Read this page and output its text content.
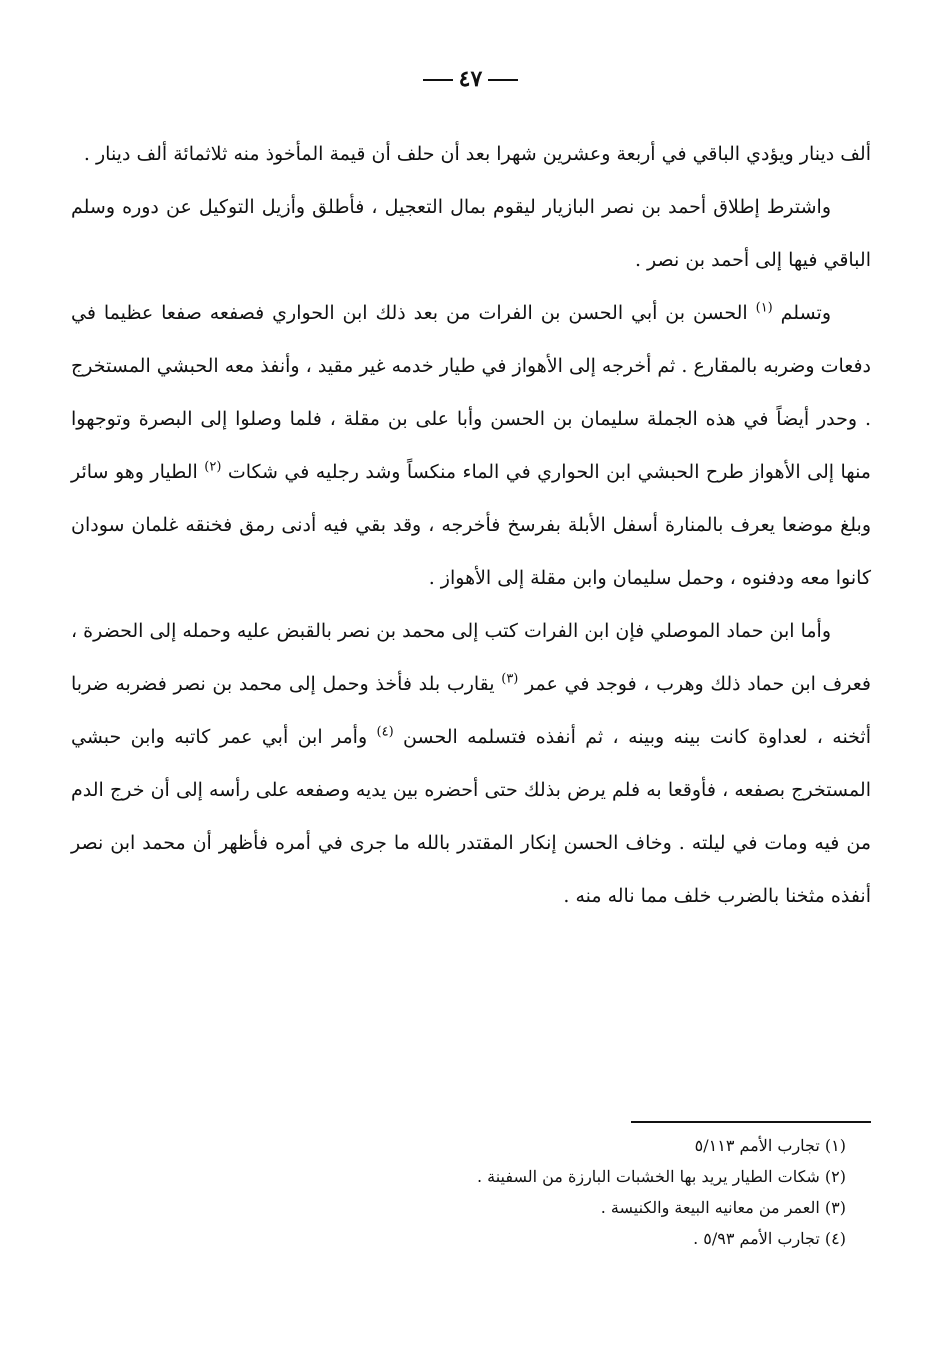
٤٧

ألف دينار ويؤدي الباقي في أربعة وعشرين شهرا بعد أن حلف أن قيمة المأخوذ منه ثلاثمائة ألف دينار .

واشترط إطلاق أحمد بن نصر البازيار ليقوم بمال التعجيل ، فأطلق وأزيل التوكيل عن دوره وسلم الباقي فيها إلى أحمد بن نصر .

وتسلم $^{(١)}$ الحسن بن أبي الحسن بن الفرات من بعد ذلك ابن الحواري فصفعه صفعا عظيما في دفعات وضربه بالمقارع . ثم أخرجه إلى الأهواز في طيار خدمه غير مقيد ، وأنفذ معه الحبشي المستخرج . وحدر أيضاً في هذه الجملة سليمان بن الحسن وأبا على بن مقلة ، فلما وصلوا إلى البصرة وتوجهوا منها إلى الأهواز طرح الحبشي ابن الحواري في الماء منكساً وشد رجليه في شكات $^{(٢)}$ الطيار وهو سائر وبلغ موضعا يعرف بالمنارة أسفل الأبلة بفرسخ فأخرجه ، وقد بقي فيه أدنى رمق فخنقه غلمان سودان كانوا معه ودفنوه ، وحمل سليمان وابن مقلة إلى الأهواز .

وأما ابن حماد الموصلي فإن ابن الفرات كتب إلى محمد بن نصر بالقبض عليه وحمله إلى الحضرة ، فعرف ابن حماد ذلك وهرب ، فوجد في عمر $^{(٣)}$ يقارب بلد فأخذ وحمل إلى محمد بن نصر فضربه ضربا أثخنه ، لعداوة كانت بينه وبينه ، ثم أنفذه فتسلمه الحسن $^{(٤)}$ وأمر ابن أبي عمر كاتبه وابن حبشي المستخرج بصفعه ، فأوقعا به فلم يرض بذلك حتى أحضره بين يديه وصفعه على رأسه إلى أن خرج الدم من فيه ومات في ليلته . وخاف الحسن إنكار المقتدر بالله ما جرى في أمره فأظهر أن محمد ابن نصر أنفذه مثخنا بالضرب خلف مما ناله منه .

(١) تجارب الأمم ٥/١١٣
(٢) شكات الطيار يريد بها الخشبات البارزة من السفينة .
(٣) العمر من معانيه البيعة والكنيسة .
(٤) تجارب الأمم ٥/٩٣ .
